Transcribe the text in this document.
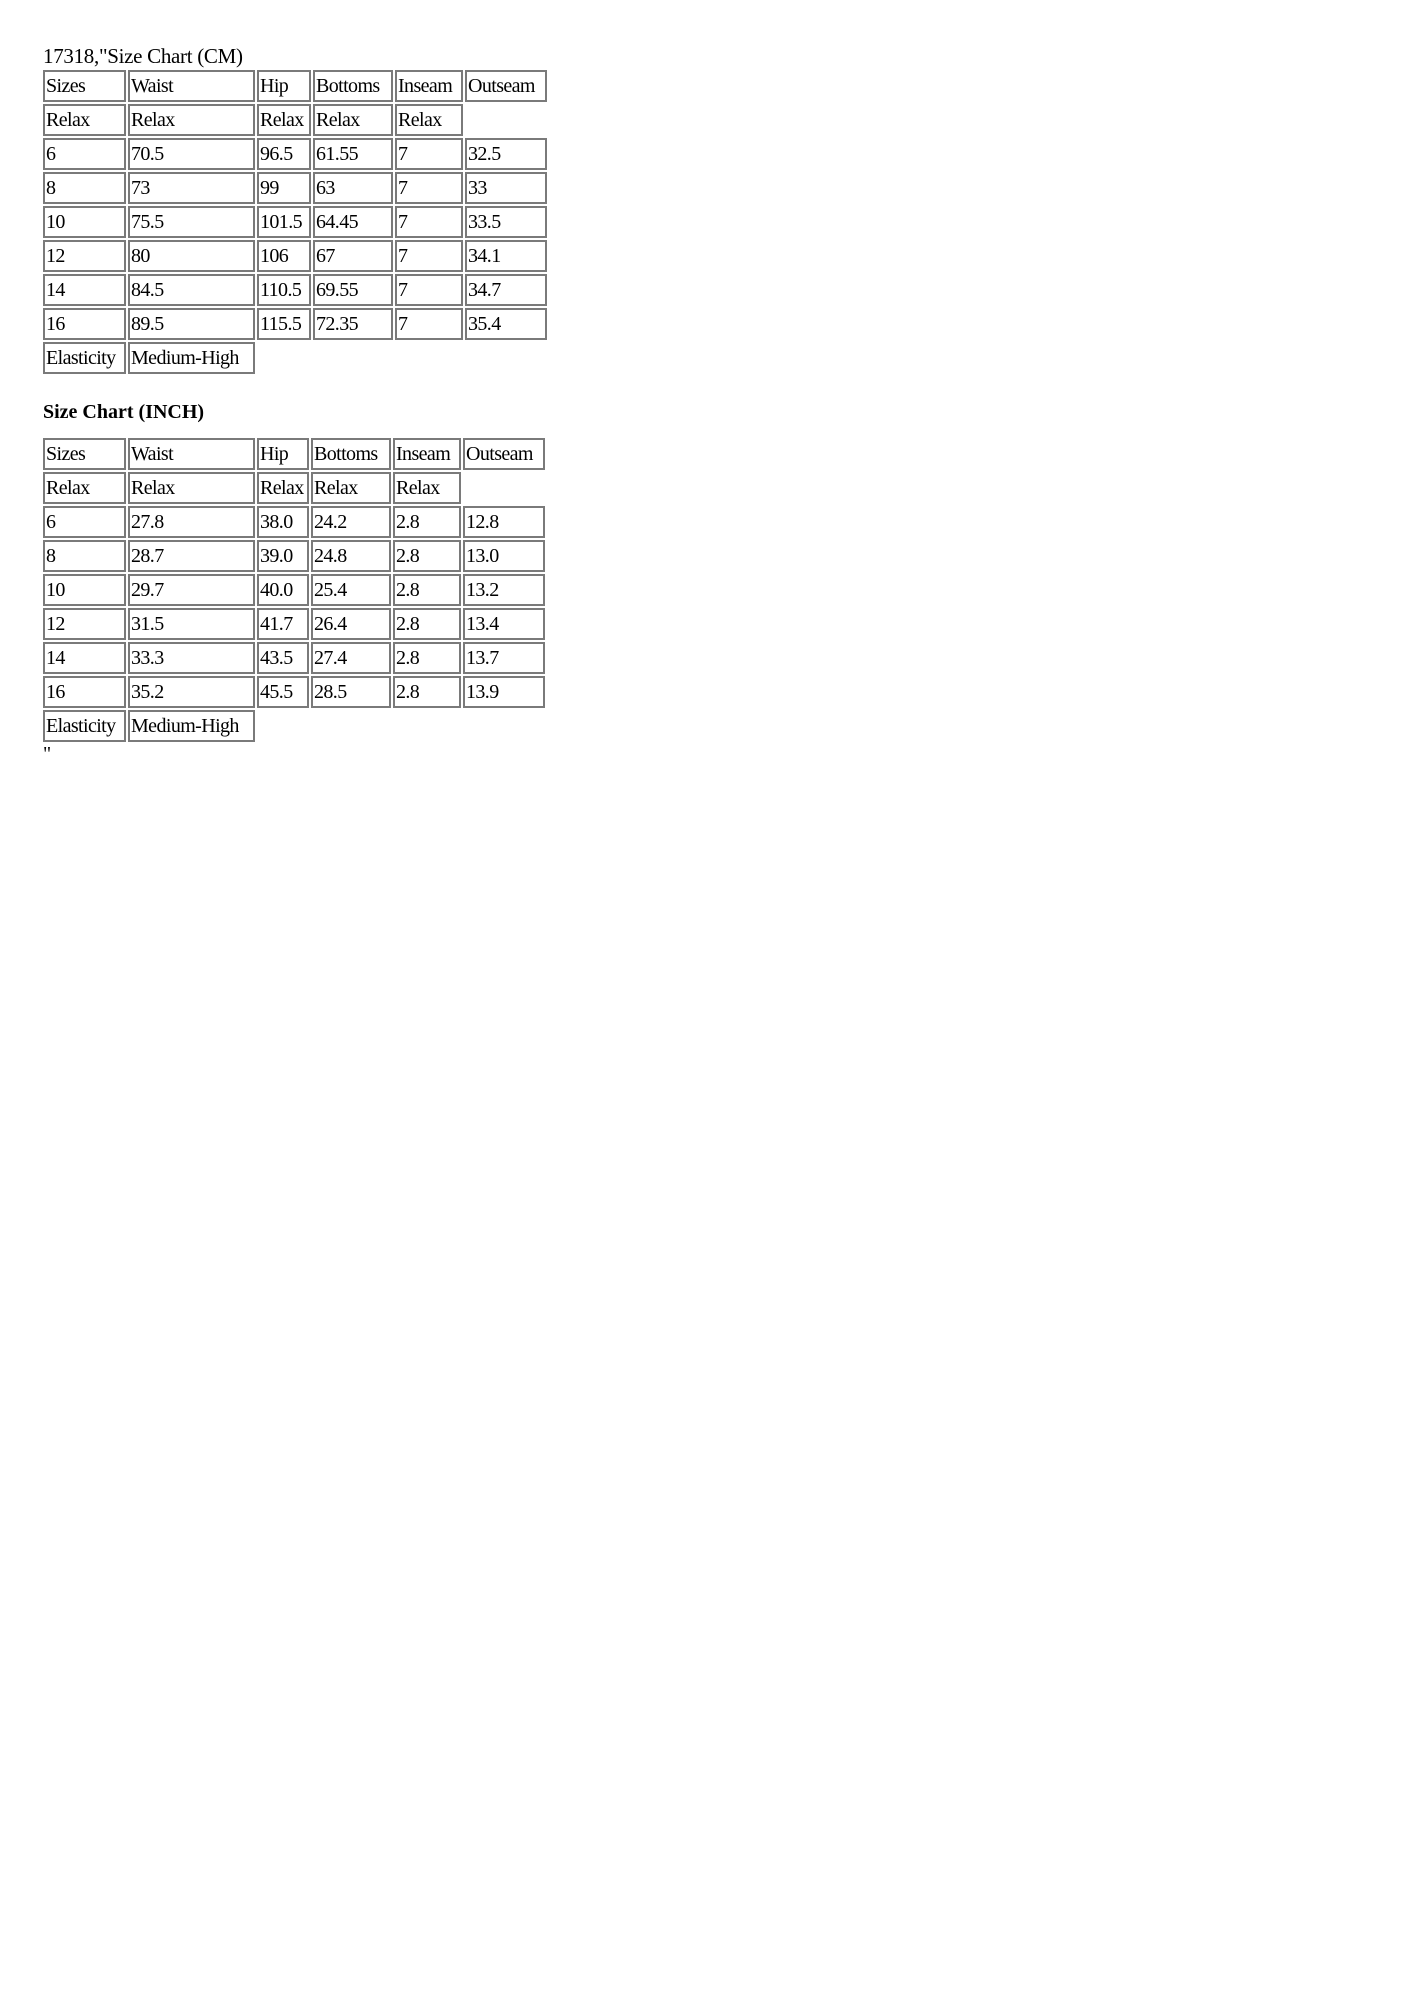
17318,"Size Chart (CM)
Sizes	Waist	Hip	Bottoms	Inseam	Outseam
Relax	Relax	Relax	Relax	Relax	
6	70.5	96.5	61.55	7	32.5
8	73	99	63	7	33
10	75.5	101.5	64.45	7	33.5
12	80	106	67	7	34.1
14	84.5	110.5	69.55	7	34.7
16	89.5	115.5	72.35	7	35.4
Elasticity	Medium-High				
Size Chart (INCH)
Sizes	Waist	Hip	Bottoms	Inseam	Outseam
Relax	Relax	Relax	Relax	Relax	
6	27.8	38.0	24.2	2.8	12.8
8	28.7	39.0	24.8	2.8	13.0
10	29.7	40.0	25.4	2.8	13.2
12	31.5	41.7	26.4	2.8	13.4
14	33.3	43.5	27.4	2.8	13.7
16	35.2	45.5	28.5	2.8	13.9
Elasticity	Medium-High				
"
